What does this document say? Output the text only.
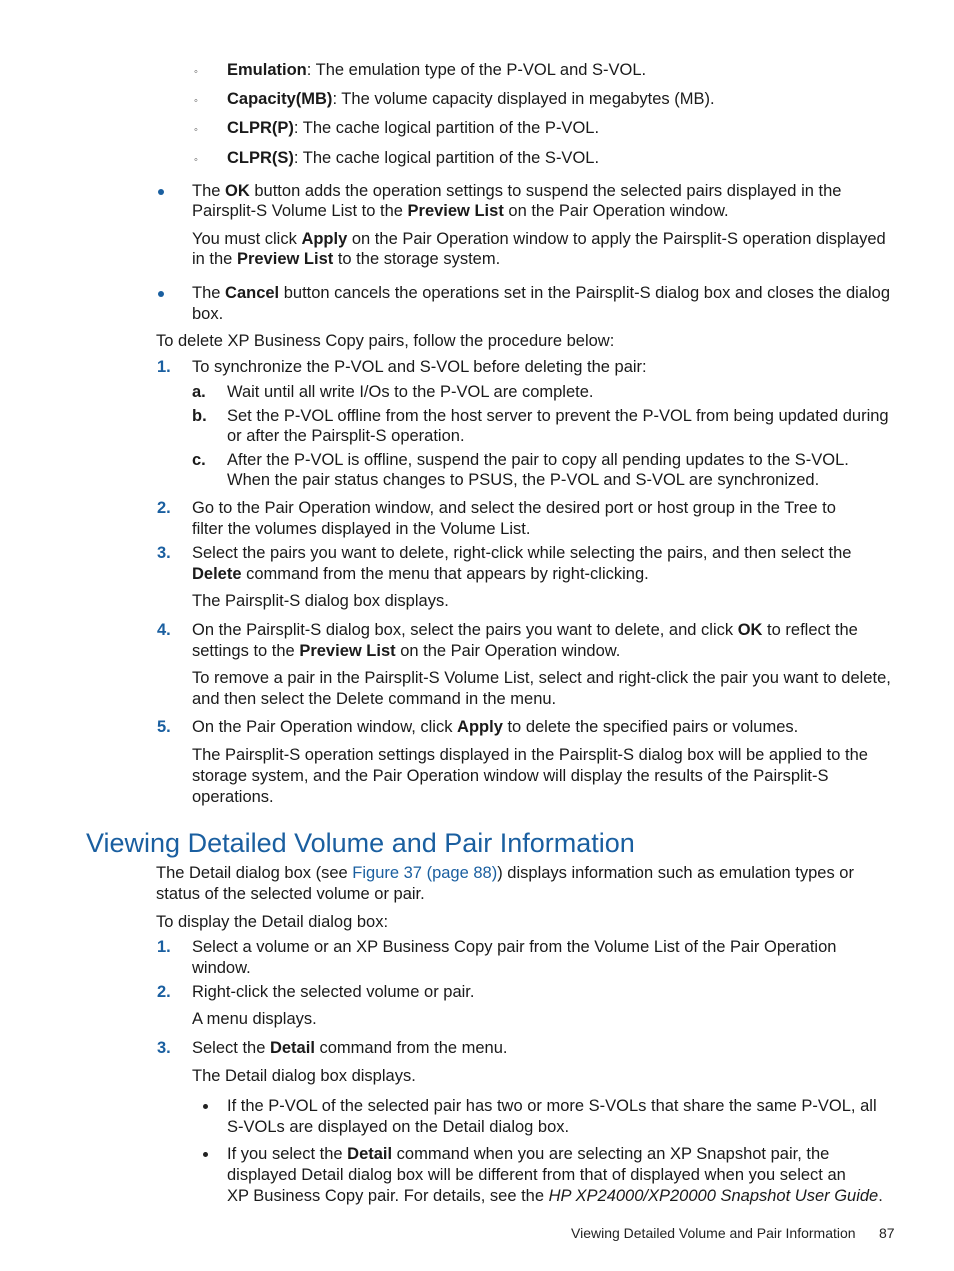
◦ Emulation: The emulation type of the P-VOL and S-VOL.
◦ Capacity(MB): The volume capacity displayed in megabytes (MB).
◦ CLPR(P): The cache logical partition of the P-VOL.
◦ CLPR(S): The cache logical partition of the S-VOL.
The OK button adds the operation settings to suspend the selected pairs displayed in the
Pairsplit-S Volume List to the Preview List on the Pair Operation window.
You must click Apply on the Pair Operation window to apply the Pairsplit-S operation displayed
in the Preview List to the storage system.
The Cancel button cancels the operations set in the Pairsplit-S dialog box and closes the dialog
box.
To delete XP Business Copy pairs, follow the procedure below:
1. To synchronize the P-VOL and S-VOL before deleting the pair:
a. Wait until all write I/Os to the P-VOL are complete.
b. Set the P-VOL offline from the host server to prevent the P-VOL from being updated during
or after the Pairsplit-S operation.
c. After the P-VOL is offline, suspend the pair to copy all pending updates to the S-VOL.
When the pair status changes to PSUS, the P-VOL and S-VOL are synchronized.
2. Go to the Pair Operation window, and select the desired port or host group in the Tree to
filter the volumes displayed in the Volume List.
3. Select the pairs you want to delete, right-click while selecting the pairs, and then select the
Delete command from the menu that appears by right-clicking.
The Pairsplit-S dialog box displays.
4. On the Pairsplit-S dialog box, select the pairs you want to delete, and click OK to reflect the
settings to the Preview List on the Pair Operation window.
To remove a pair in the Pairsplit-S Volume List, select and right-click the pair you want to delete,
and then select the Delete command in the menu.
5. On the Pair Operation window, click Apply to delete the specified pairs or volumes.
The Pairsplit-S operation settings displayed in the Pairsplit-S dialog box will be applied to the
storage system, and the Pair Operation window will display the results of the Pairsplit-S
operations.
Viewing Detailed Volume and Pair Information
The Detail dialog box (see Figure 37 (page 88)) displays information such as emulation types or
status of the selected volume or pair.
To display the Detail dialog box:
1. Select a volume or an XP Business Copy pair from the Volume List of the Pair Operation
window.
2. Right-click the selected volume or pair.
A menu displays.
3. Select the Detail command from the menu.
The Detail dialog box displays.
If the P-VOL of the selected pair has two or more S-VOLs that share the same P-VOL, all
S-VOLs are displayed on the Detail dialog box.
If you select the Detail command when you are selecting an XP Snapshot pair, the
displayed Detail dialog box will be different from that of displayed when you select an
XP Business Copy pair. For details, see the HP XP24000/XP20000 Snapshot User Guide.
Viewing Detailed Volume and Pair Information 87
